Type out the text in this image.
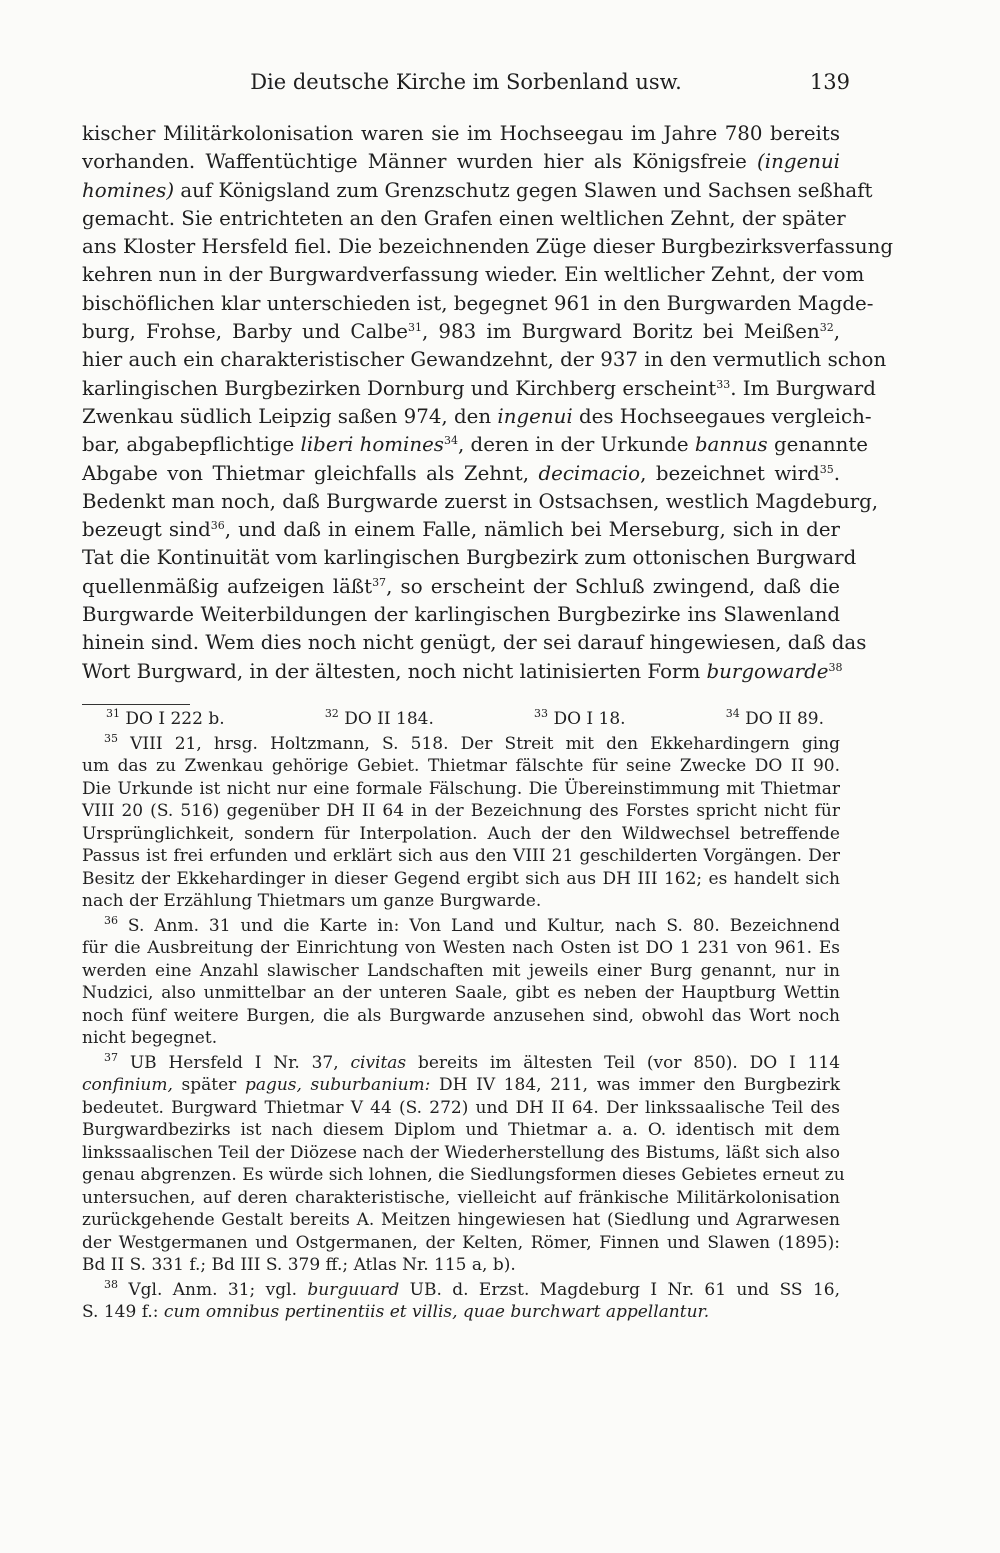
Die deutsche Kirche im Sorbenland usw.	139
kischer Militärkolonisation waren sie im Hochseegau im Jahre 780 bereits
vorhanden. Waffentüchtige Männer wurden hier als Königsfreie (ingenui
homines) auf Königsland zum Grenzschutz gegen Slawen und Sachsen seßhaft
gemacht. Sie entrichteten an den Grafen einen weltlichen Zehnt, der später
ans Kloster Hersfeld fiel. Die bezeichnenden Züge dieser Burgbezirksverfassung
kehren nun in der Burgwardverfassung wieder. Ein weltlicher Zehnt, der vom
bischöflichen klar unterschieden ist, begegnet 961 in den Burgwarden Magde-
burg, Frohse, Barby und Calbe$^{31}$, 983 im Burgward Boritz bei Meißen$^{32}$,
hier auch ein charakteristischer Gewandzehnt, der 937 in den vermutlich schon
karlingischen Burgbezirken Dornburg und Kirchberg erscheint$^{33}$. Im Burgward
Zwenkau südlich Leipzig saßen 974, den ingenui des Hochseegaues vergleich-
bar, abgabepflichtige liberi homines$^{34}$, deren in der Urkunde bannus genannte
Abgabe von Thietmar gleichfalls als Zehnt, decimacio, bezeichnet wird$^{35}$.
Bedenkt man noch, daß Burgwarde zuerst in Ostsachsen, westlich Magdeburg,
bezeugt sind$^{36}$, und daß in einem Falle, nämlich bei Merseburg, sich in der
Tat die Kontinuität vom karlingischen Burgbezirk zum ottonischen Burgward
quellenmäßig aufzeigen läßt$^{37}$, so erscheint der Schluß zwingend, daß die
Burgwarde Weiterbildungen der karlingischen Burgbezirke ins Slawenland
hinein sind. Wem dies noch nicht genügt, der sei darauf hingewiesen, daß das
Wort Burgward, in der ältesten, noch nicht latinisierten Form burgowarde$^{38}$
$^{31}$ DO I 222 b.	$^{32}$ DO II 184.	$^{33}$ DO I 18.	$^{34}$ DO II 89.
$^{35}$ VIII 21, hrsg. Holtzmann, S. 518. Der Streit mit den Ekkehardingern ging
um das zu Zwenkau gehörige Gebiet. Thietmar fälschte für seine Zwecke DO II 90.
Die Urkunde ist nicht nur eine formale Fälschung. Die Übereinstimmung mit Thietmar
VIII 20 (S. 516) gegenüber DH II 64 in der Bezeichnung des Forstes spricht nicht für
Ursprünglichkeit, sondern für Interpolation. Auch der den Wildwechsel betreffende
Passus ist frei erfunden und erklärt sich aus den VIII 21 geschilderten Vorgängen. Der
Besitz der Ekkehardinger in dieser Gegend ergibt sich aus DH III 162; es handelt sich
nach der Erzählung Thietmars um ganze Burgwarde.
$^{36}$ S. Anm. 31 und die Karte in: Von Land und Kultur, nach S. 80. Bezeichnend
für die Ausbreitung der Einrichtung von Westen nach Osten ist DO 1 231 von 961. Es
werden eine Anzahl slawischer Landschaften mit jeweils einer Burg genannt, nur in
Nudzici, also unmittelbar an der unteren Saale, gibt es neben der Hauptburg Wettin
noch fünf weitere Burgen, die als Burgwarde anzusehen sind, obwohl das Wort noch
nicht begegnet.
$^{37}$ UB Hersfeld I Nr. 37, civitas bereits im ältesten Teil (vor 850). DO I 114
confinium, später pagus, suburbanium: DH IV 184, 211, was immer den Burgbezirk
bedeutet. Burgward Thietmar V 44 (S. 272) und DH II 64. Der linkssaalische Teil des
Burgwardbezirks ist nach diesem Diplom und Thietmar a. a. O. identisch mit dem
linkssaalischen Teil der Diözese nach der Wiederherstellung des Bistums, läßt sich also
genau abgrenzen. Es würde sich lohnen, die Siedlungsformen dieses Gebietes erneut zu
untersuchen, auf deren charakteristische, vielleicht auf fränkische Militärkolonisation
zurückgehende Gestalt bereits A. Meitzen hingewiesen hat (Siedlung und Agrarwesen
der Westgermanen und Ostgermanen, der Kelten, Römer, Finnen und Slawen (1895):
Bd II S. 331 f.; Bd III S. 379 ff.; Atlas Nr. 115 a, b).
$^{38}$ Vgl. Anm. 31; vgl. burguuard UB. d. Erzst. Magdeburg I Nr. 61 und SS 16,
S. 149 f.: cum omnibus pertinentiis et villis, quae burchwart appellantur.
